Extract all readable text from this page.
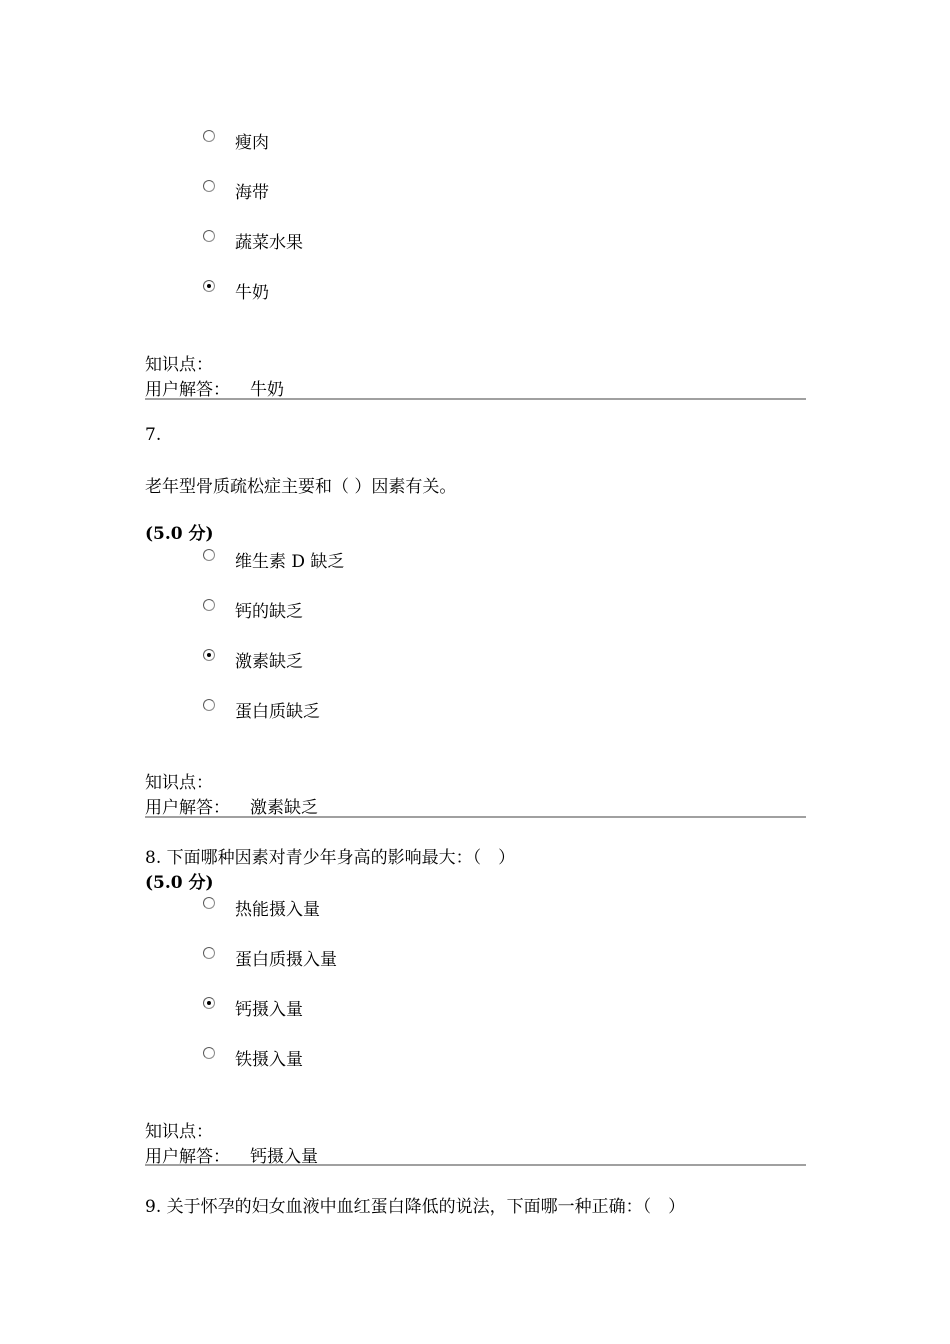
瘦肉
海带
蔬菜水果
牛奶
知识点：
用户解答： 牛奶
7.
老年型骨质疏松症主要和（ ）因素有关。
(5.0 分)
维生素 D 缺乏
钙的缺乏
激素缺乏
蛋白质缺乏
知识点：
用户解答： 激素缺乏
8. 下面哪种因素对青少年身高的影响最大：（　）
(5.0 分)
热能摄入量
蛋白质摄入量
钙摄入量
铁摄入量
知识点：
用户解答： 钙摄入量
9. 关于怀孕的妇女血液中血红蛋白降低的说法，下面哪一种正确：（　）
